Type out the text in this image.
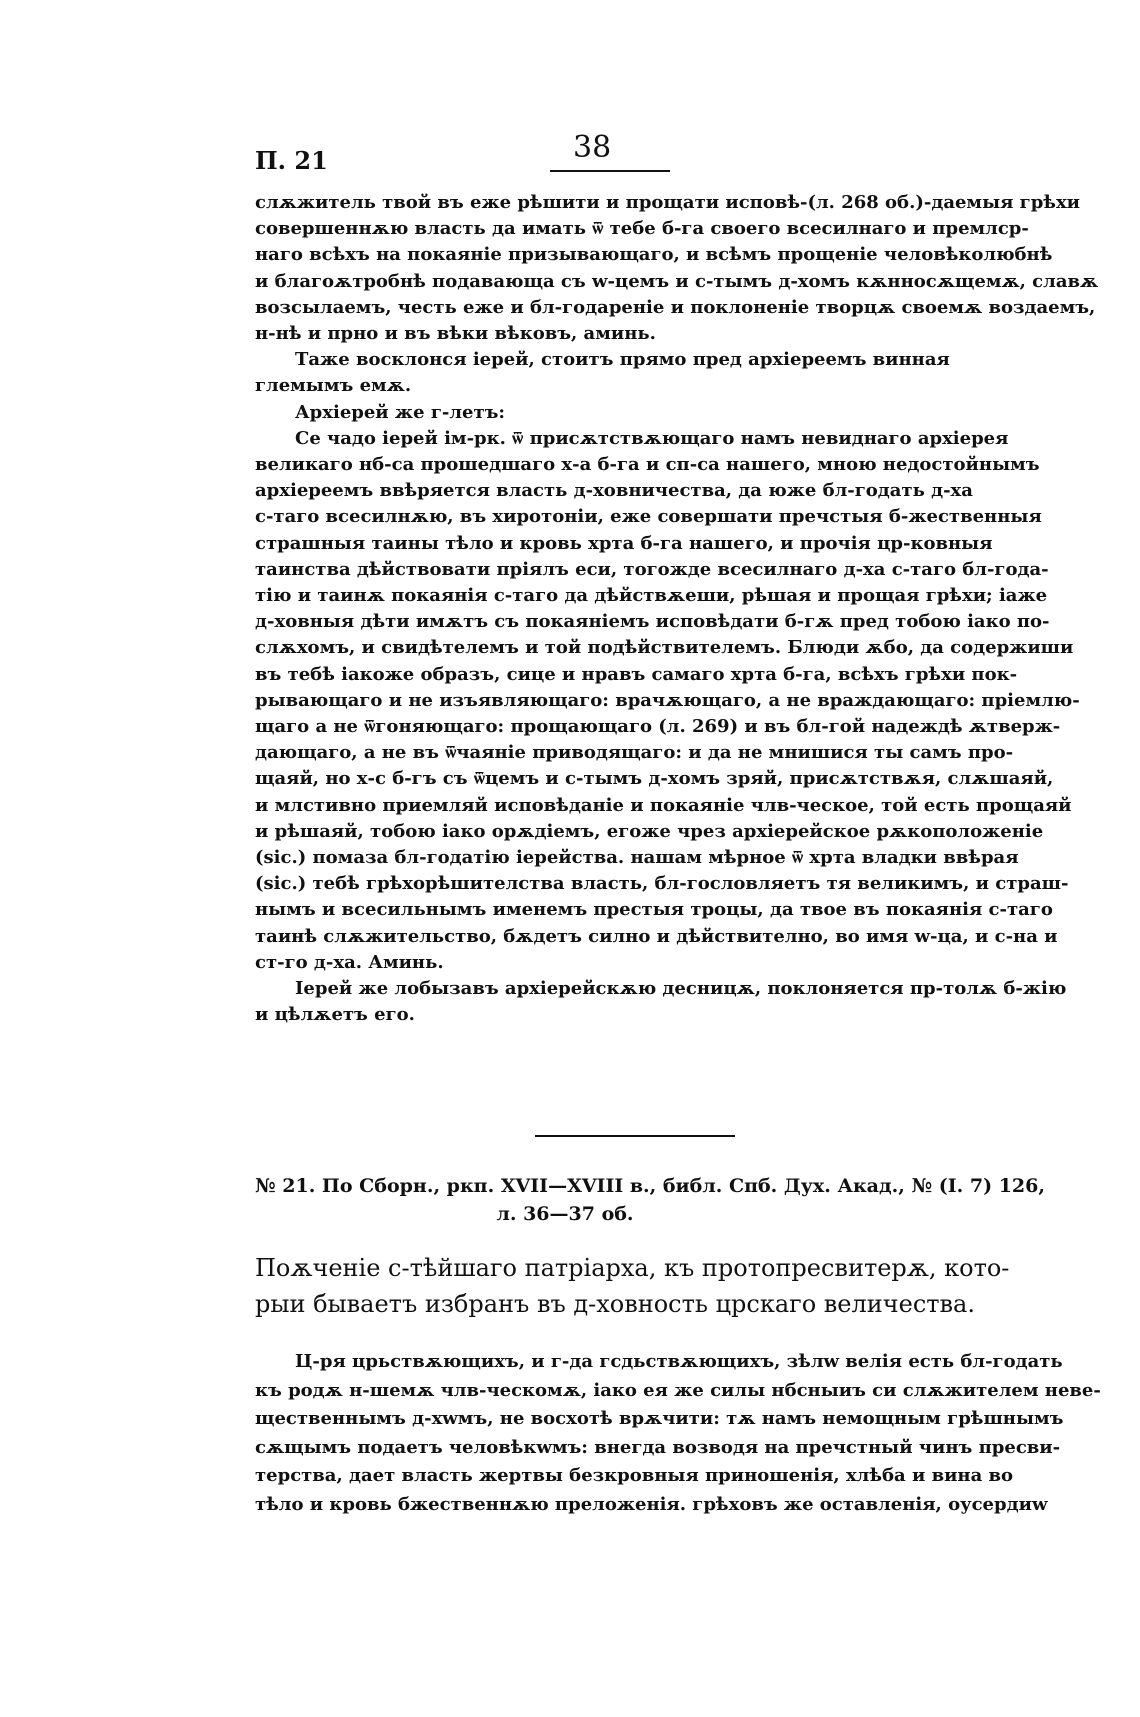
П. 21	38
слѫжитель твой въ еже рѣшити и прощати исповѣ-(л. 268 об.)-даемыя грѣхи
совершеннѫю власть да имать ѿ тебе б-га своего всесилнаго и премлср-
наго всѣхъ на покаяніе призывающаго, и всѣмъ прощеніе человѣколюбнѣ
и благоѫтробнѣ подавающа съ w-цемъ и с-тымъ д-хомъ кѫнносѫщемѫ, славѫ
возсылаемъ, честь еже и бл-годареніе и поклоненіе творцѫ своемѫ воздаемъ,
н-нѣ и прно и въ вѣки вѣковъ, аминь.
Таже восклонся іерей, стоитъ прямо пред архіереемъ винная
глемымъ емѫ.
Архіерей же г-летъ:
Се чадо іерей ім-рк. ѿ присѫтствѫющаго намъ невиднаго архіерея
великаго нб-са прошедшаго х-а б-га и сп-са нашего, мною недостойнымъ
архіереемъ ввѣряется власть д-ховничества, да юже бл-годать д-ха
с-таго всесилнѫю, въ хиротоніи, еже совершати пречстыя б-жественныя
страшныя таины тѣло и кровь хрта б-га нашего, и прочія цр-ковныя
таинства дѣйствовати пріялъ еси, тогожде всесилнаго д-ха с-таго бл-года-
тію и таинѫ покаянія с-таго да дѣйствѫеши, рѣшая и прощая грѣхи; іаже
д-ховныя дѣти имѫтъ съ покаяніемъ исповѣдати б-гѫ пред тобою іако по-
слѫхомъ, и свидѣтелемъ и той подѣйствителемъ. Блюди ѫбо, да содержиши
въ тебѣ іакоже образъ, сице и нравъ самаго хрта б-га, всѣхъ грѣхи пок-
рывающаго и не изъявляющаго: врачѫющаго, а не враждающаго: пріемлю-
щаго а не ѿгоняющаго: прощающаго (л. 269) и въ бл-гой надеждѣ ѫтверж-
дающаго, а не въ ѿчаяніе приводящаго: и да не мнишися ты самъ про-
щаяй, но х-с б-гъ съ ѿцемъ и с-тымъ д-хомъ зряй, присѫтствѫя, слѫшаяй,
и млстивно приемляй исповѣданіе и покаяніе члв-ческое, той есть прощаяй
и рѣшаяй, тобою іако орѫдіемъ, егоже чрез архіерейское рѫкоположеніе
(sic.) помаза бл-годатію іерейства. нашам мѣрное ѿ хрта владки ввѣрая
(sic.) тебѣ грѣхорѣшителства власть, бл-гословляетъ тя великимъ, и страш-
нымъ и всесильнымъ именемъ престыя троцы, да твое въ покаянія с-таго
таинѣ слѫжительство, бѫдетъ силно и дѣйствително, во имя w-ца, и с-на и
ст-го д-ха. Аминь.
Іерей же лобызавъ архіерейскѫю десницѫ, поклоняется пр-толѫ б-жію
и цѣлѫетъ его.
№ 21. По Сборн., ркп. XVII—XVIII в., библ. Спб. Дух. Акад., № (I. 7) 126,
л. 36—37 об.
Поѫченіе с-тѣйшаго патріарха, къ протопресвитерѫ, кото-
рыи бываетъ избранъ въ д-ховность црскаго величества.
Ц-ря црьствѫющихъ, и г-да гсдьствѫющихъ, зѣлw велія есть бл-годать
къ родѫ н-шемѫ члв-ческомѫ, іако ея же силы нбсныиъ си слѫжителем неве-
щественнымъ д-хwмъ, не восхотѣ врѫчити: тѫ намъ немощным грѣшнымъ
сѫщымъ подаетъ человѣкwмъ: внегда возводя на пречстный чинъ пресви-
терства, дает власть жертвы безкровныя приношенія, хлѣба и вина во
тѣло и кровь бжественнѫю преложенія. грѣховъ же оставленія, оусердиw
